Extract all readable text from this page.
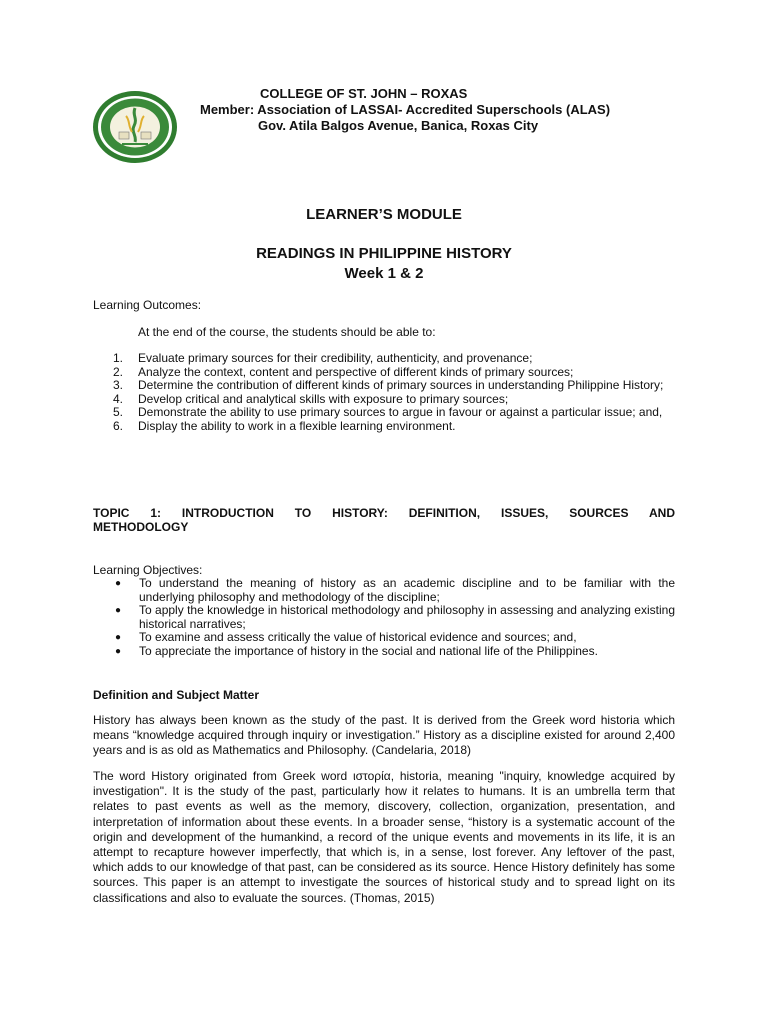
COLLEGE OF ST. JOHN – ROXAS
Member: Association of LASSAI- Accredited Superschools (ALAS)
Gov. Atila Balgos Avenue, Banica, Roxas City
LEARNER’S MODULE
READINGS IN PHILIPPINE HISTORY
Week 1 & 2
Learning Outcomes:
At the end of the course, the students should be able to:
1. Evaluate primary sources for their credibility, authenticity, and provenance;
2. Analyze the context, content and perspective of different kinds of primary sources;
3. Determine the contribution of different kinds of primary sources in understanding Philippine History;
4. Develop critical and analytical skills with exposure to primary sources;
5. Demonstrate the ability to use primary sources to argue in favour or against a particular issue; and,
6. Display the ability to work in a flexible learning environment.
TOPIC 1: INTRODUCTION TO HISTORY: DEFINITION, ISSUES, SOURCES AND
METHODOLOGY
Learning Objectives:
● To understand the meaning of history as an academic discipline and to be familiar with the underlying philosophy and methodology of the discipline;
● To apply the knowledge in historical methodology and philosophy in assessing and analyzing existing historical narratives;
● To examine and assess critically the value of historical evidence and sources; and,
● To appreciate the importance of history in the social and national life of the Philippines.
Definition and Subject Matter
History has always been known as the study of the past. It is derived from the Greek word historia which means “knowledge acquired through inquiry or investigation.” History as a discipline existed for around 2,400 years and is as old as Mathematics and Philosophy. (Candelaria, 2018)
The word History originated from Greek word ιστορία, historia, meaning "inquiry, knowledge acquired by investigation". It is the study of the past, particularly how it relates to humans. It is an umbrella term that relates to past events as well as the memory, discovery, collection, organization, presentation, and interpretation of information about these events. In a broader sense, “history is a systematic account of the origin and development of the humankind, a record of the unique events and movements in its life, it is an attempt to recapture however imperfectly, that which is, in a sense, lost forever. Any leftover of the past, which adds to our knowledge of that past, can be considered as its source. Hence History definitely has some sources. This paper is an attempt to investigate the sources of historical study and to spread light on its classifications and also to evaluate the sources. (Thomas, 2015)
